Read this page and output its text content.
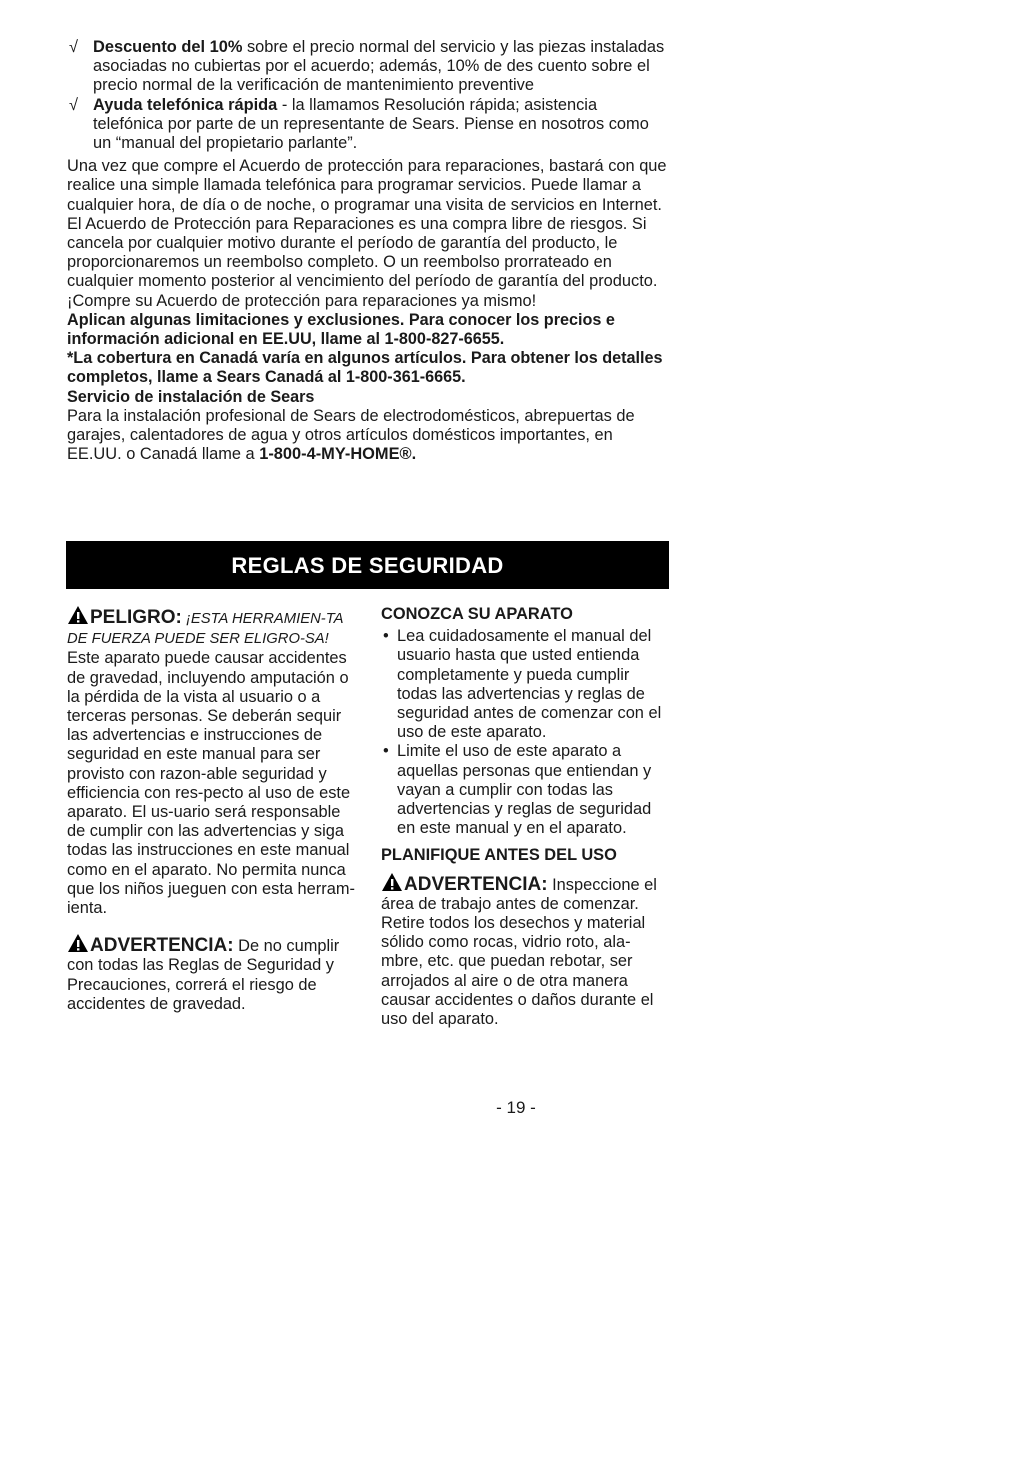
√ Descuento del 10% sobre el precio normal del servicio y las piezas instaladas asociadas no cubiertas por el acuerdo; además, 10% de des cuento sobre el precio normal de la verificación de mantenimiento preventive
√ Ayuda telefónica rápida - la llamamos Resolución rápida; asistencia telefónica por parte de un representante de Sears. Piense en nosotros como un “manual del propietario parlante”.

Una vez que compre el Acuerdo de protección para reparaciones, bastará con que realice una simple llamada telefónica para programar servicios. Puede llamar a cualquier hora, de día o de noche, o programar una visita de servicios en Internet.

El Acuerdo de Protección para Reparaciones es una compra libre de riesgos. Si cancela por cualquier motivo durante el período de garantía del producto, le proporcionaremos un reembolso completo. O un reembolso prorrateado en cualquier momento posterior al vencimiento del período de garantía del producto.¡Compre su Acuerdo de protección para reparaciones ya mismo!

Aplican algunas limitaciones y exclusiones. Para conocer los precios e información adicional en EE.UU, llame al 1-800-827-6655.

*La cobertura en Canadá varía en algunos artículos. Para obtener los detalles completos, llame a Sears Canadá al 1-800-361-6665.

Servicio de instalación de Sears

Para la instalación profesional de Sears de electrodomésticos, abrepuertas de garajes, calentadores de agua y otros artículos domésticos importantes, en EE.UU. o Canadá llame a 1-800-4-MY-HOME®.

REGLAS DE SEGURIDAD

PELIGRO: ¡ESTA HERRAMIEN-TA DE FUERZA PUEDE SER ELIGRO-SA! Este aparato puede causar accidentes de gravedad, incluyendo amputación o la pérdida de la vista al usuario o a terceras personas. Se deberán sequir las advertencias e instrucciones de seguridad en este manual para ser provisto con razon-able seguridad y efficiencia con res-pecto al uso de este aparato. El us-uario será responsable de cumplir con las advertencias y siga todas las instrucciones en este manual como en el aparato. No permita nunca que los niños jueguen con esta herram-ienta.

ADVERTENCIA: De no cumplir con todas las Reglas de Seguridad y Precauciones, correrá el riesgo de accidentes de gravedad.

CONOZCA SU APARATO

• Lea cuidadosamente el manual del usuario hasta que usted entienda completamente y pueda cumplir todas las advertencias y reglas de seguridad antes de comenzar con el uso de este aparato.
• Limite el uso de este aparato a aquellas personas que entiendan y vayan a cumplir con todas las advertencias y reglas de seguridad en este manual y en el aparato.

PLANIFIQUE ANTES DEL USO

ADVERTENCIA: Inspeccione el área de trabajo antes de comenzar. Retire todos los desechos y material sólido como rocas, vidrio roto, ala-mbre, etc. que puedan rebotar, ser arrojados al aire o de otra manera causar accidentes o daños durante el uso del aparato.

- 19 -
